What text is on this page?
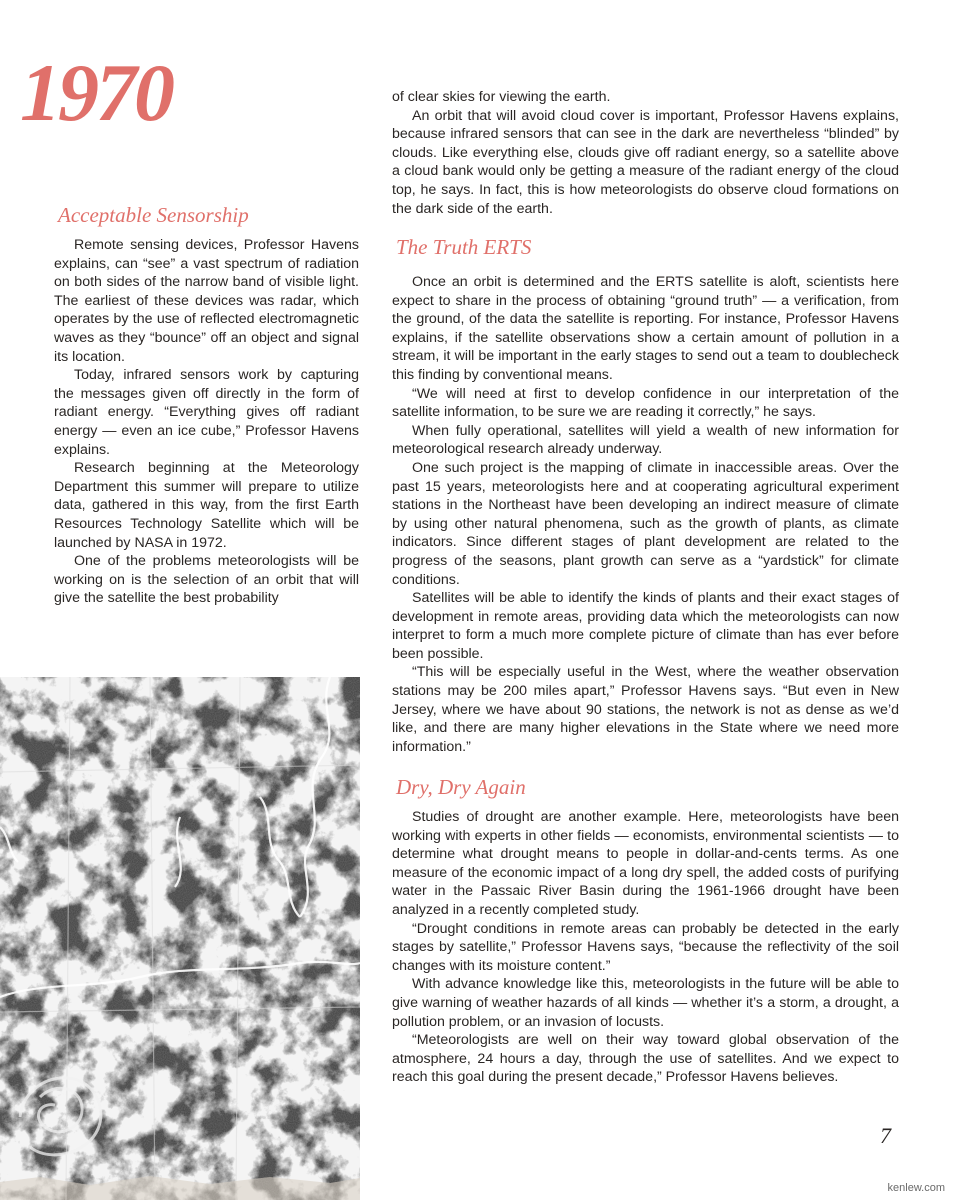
1970
Acceptable Sensorship

Remote sensing devices, Professor Havens explains, can “see” a vast spectrum of radiation on both sides of the narrow band of visible light. The earliest of these devices was radar, which operates by the use of reflected electromagnetic waves as they “bounce” off an object and signal its location.

Today, infrared sensors work by capturing the messages given off directly in the form of radiant energy. “Everything gives off radiant energy — even an ice cube,” Professor Havens explains.

Research beginning at the Meteorology Department this summer will prepare to utilize data, gathered in this way, from the first Earth Resources Technology Satellite which will be launched by NASA in 1972.

One of the problems meteorologists will be working on is the selection of an orbit that will give the satellite the best probability

of clear skies for viewing the earth.

An orbit that will avoid cloud cover is important, Professor Havens explains, because infrared sensors that can see in the dark are nevertheless “blinded” by clouds. Like everything else, clouds give off radiant energy, so a satellite above a cloud bank would only be getting a measure of the radiant energy of the cloud top, he says. In fact, this is how meteorologists do observe cloud formations on the dark side of the earth.

The Truth ERTS

Once an orbit is determined and the ERTS satellite is aloft, scientists here expect to share in the process of obtaining “ground truth” — a verification, from the ground, of the data the satellite is reporting. For instance, Professor Havens explains, if the satellite observations show a certain amount of pollution in a stream, it will be important in the early stages to send out a team to doublecheck this finding by conventional means.

“We will need at first to develop confidence in our interpretation of the satellite information, to be sure we are reading it correctly,” he says.

When fully operational, satellites will yield a wealth of new information for meteorological research already underway.

One such project is the mapping of climate in inaccessible areas. Over the past 15 years, meteorologists here and at cooperating agricultural experiment stations in the Northeast have been developing an indirect measure of climate by using other natural phenomena, such as the growth of plants, as climate indicators. Since different stages of plant development are related to the progress of the seasons, plant growth can serve as a “yardstick” for climate conditions.

Satellites will be able to identify the kinds of plants and their exact stages of development in remote areas, providing data which the meteorologists can now interpret to form a much more complete picture of climate than has ever before been possible.

“This will be especially useful in the West, where the weather observation stations may be 200 miles apart,” Professor Havens says. “But even in New Jersey, where we have about 90 stations, the network is not as dense as we’d like, and there are many higher elevations in the State where we need more information.”

Dry, Dry Again

Studies of drought are another example. Here, meteorologists have been working with experts in other fields — economists, environmental scientists — to determine what drought means to people in dollar-and-cents terms. As one measure of the economic impact of a long dry spell, the added costs of purifying water in the Passaic River Basin during the 1961-1966 drought have been analyzed in a recently completed study.

“Drought conditions in remote areas can probably be detected in the early stages by satellite,” Professor Havens says, “because the reflectivity of the soil changes with its moisture content.”

With advance knowledge like this, meteorologists in the future will be able to give warning of weather hazards of all kinds — whether it’s a storm, a drought, a pollution problem, or an invasion of locusts.

“Meteorologists are well on their way toward global observation of the atmosphere, 24 hours a day, through the use of satellites. And we expect to reach this goal during the present decade,” Professor Havens believes.

7
kenlew.com
